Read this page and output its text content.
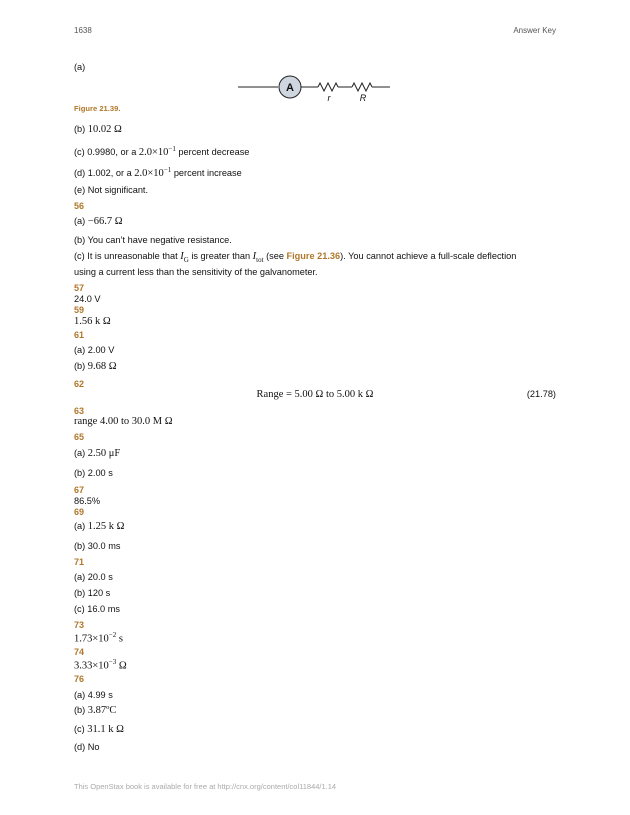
1638	Answer Key
(a)
A
r	R
Figure 21.39.
(b) 10.02 Ω
(c) 0.9980, or a $2.0\times 10^{-1}$ percent decrease
(d) 1.002, or a $2.0\times 10^{-1}$ percent increase
(e) Not significant.
56
(a) −66.7 Ω
(b) You can’t have negative resistance.
(c) It is unreasonable that $I_G$ is greater than $I_{tot}$ (see Figure 21.36). You cannot achieve a full-scale deflection
using a current less than the sensitivity of the galvanometer.
57
24.0 V
59
1.56 k Ω
61
(a) 2.00 V
(b) 9.68 Ω
62
Range = 5.00 Ω to 5.00 k Ω	(21.78)
63
range 4.00 to 30.0 M Ω
65
(a) 2.50 μF
(b) 2.00 s
67
86.5%
69
(a) 1.25 k Ω
(b) 30.0 ms
71
(a) 20.0 s
(b) 120 s
(c) 16.0 ms
73
$1.73\times 10^{-2}$ s
74
$3.33\times 10^{-3}$ Ω
76
(a) 4.99 s
(b) 3.87ºC
(c) 31.1 k Ω
(d) No
This OpenStax book is available for free at http://cnx.org/content/col11844/1.14
